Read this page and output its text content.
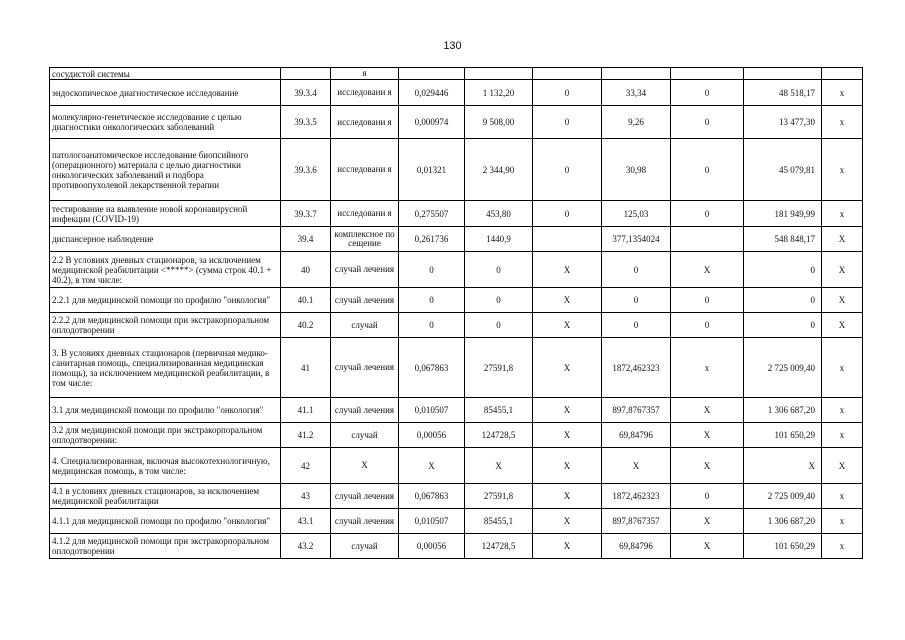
130
сосудистой системы		я							
эндоскопическое диагностическое исследование	39.3.4	исследовани я	0,029446	1 132,20	0	33,34	0	48 518,17	x
молекулярно-генетическое исследование с целью диагностики онкологических заболеваний	39.3.5	исследовани я	0,000974	9 508,00	0	9,26	0	13 477,30	x
патологоанатомическое исследование биопсийного (операционного) материала с целью диагностики онкологических заболеваний и подбора противоопухолевой лекарственной терапии	39.3.6	исследовани я	0,01321	2 344,90	0	30,98	0	45 079,81	x
тестирование на выявление новой коронавирусной инфекции (COVID-19)	39.3.7	исследовани я	0,275507	453,80	0	125,03	0	181 949,99	x
диспансерное наблюдение	39.4	комплексное посещение	0,261736	1440,9		377,1354024		548 848,17	X
2.2 В условиях дневных стационаров, за исключением медицинской реабилитации <*****> (сумма строк 40.1 + 40.2), в том числе:	40	случай лечения	0	0	X	0	X	0	X
2.2.1 для медицинской помощи по профилю "онкология"	40.1	случай лечения	0	0	X	0	0	0	X
2.2.2 для медицинской помощи при экстракорпоральном оплодотворении	40.2	случай	0	0	X	0	0	0	X
3. В условиях дневных стационаров (первичная медико-санитарная помощь, специализированная медицинская помощь), за исключением медицинской реабилитации, в том числе:	41	случай лечения	0,067863	27591,8	X	1872,462323	x	2 725 009,40	x
3.1 для медицинской помощи по профилю "онкология"	41.1	случай лечения	0,010507	85455,1	X	897,8767357	X	1 306 687,20	x
3.2 для медицинской помощи при экстракорпоральном оплодотворении:	41.2	случай	0,00056	124728,5	X	69,84796	X	101 650,29	x
4. Специализированная, включая высокотехнологичную, медицинская помощь, в том числе:	42	X	X	X	X	X	X	X	X
4.1 в условиях дневных стационаров, за исключением медицинской реабилитации	43	случай лечения	0,067863	27591,8	X	1872,462323	0	2 725 009,40	x
4.1.1 для медицинской помощи по профилю "онкология"	43.1	случай лечения	0,010507	85455,1	X	897,8767357	X	1 306 687,20	x
4.1.2 для медицинской помощи при экстракорпоральном оплодотворении	43.2	случай	0,00056	124728,5	X	69,84796	X	101 650,29	x
